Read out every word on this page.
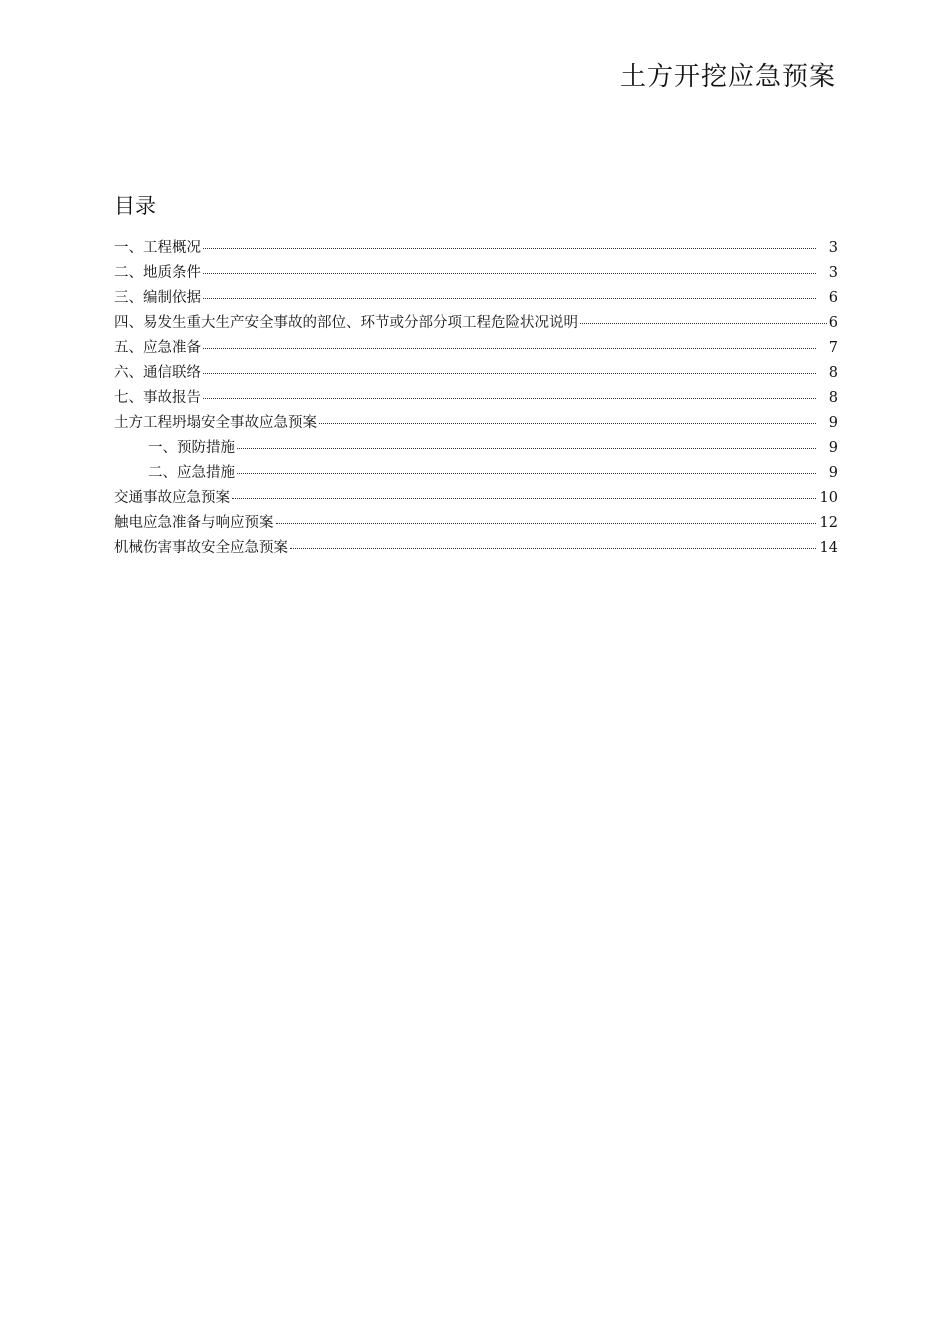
土方开挖应急预案
目录
一、工程概况	3
二、地质条件	3
三、编制依据	6
四、易发生重大生产安全事故的部位、环节或分部分项工程危险状况说明	6
五、应急准备	7
六、通信联络	8
七、事故报告	8
土方工程坍塌安全事故应急预案	9
一、预防措施	9
二、应急措施	9
交通事故应急预案	10
触电应急准备与响应预案	12
机械伤害事故安全应急预案	14
